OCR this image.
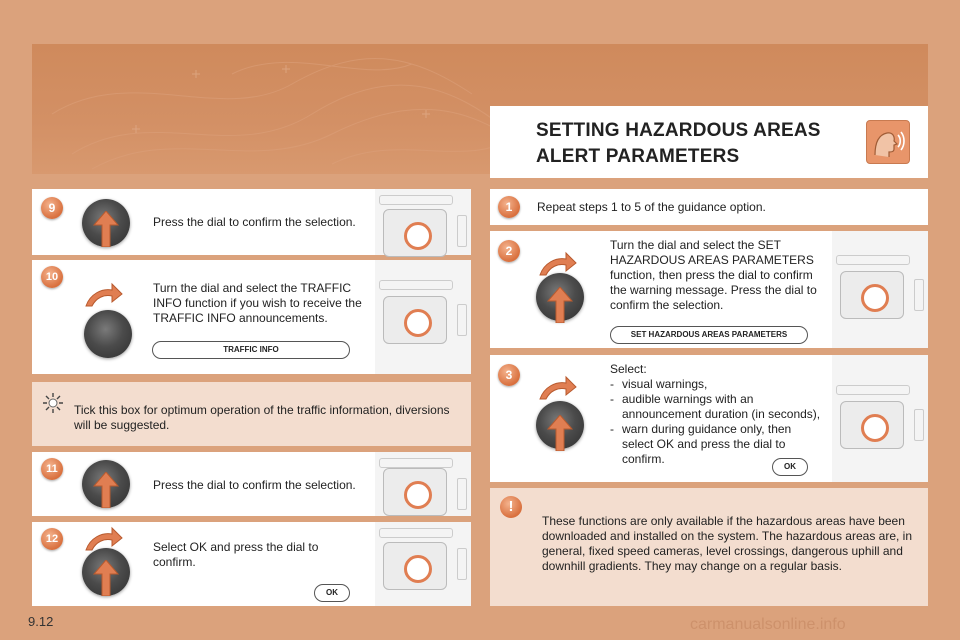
SETTING HAZARDOUS AREAS
ALERT PARAMETERS
9
Press the dial to confirm the selection.
10
Turn the dial and select the TRAFFIC INFO function if you wish to receive the TRAFFIC INFO announcements.
TRAFFIC INFO
Tick this box for optimum operation of the traffic information, diversions will be suggested.
11
Press the dial to confirm the selection.
12
Select OK and press the dial to confirm.
OK
1	Repeat steps 1 to 5 of the guidance option.
2	Turn the dial and select the SET HAZARDOUS AREAS PARAMETERS function, then press the dial to confirm the warning message. Press the dial to confirm the selection.
SET HAZARDOUS AREAS PARAMETERS
3	Select:
- visual warnings,
- audible warnings with an announcement duration (in seconds),
- warn during guidance only, then select OK and press the dial to confirm.
OK
!
These functions are only available if the hazardous areas have been downloaded and installed on the system. The hazardous areas are, in general, fixed speed cameras, level crossings, dangerous uphill and downhill gradients. They may change on a regular basis.
9.12	carmanualsonline.info
